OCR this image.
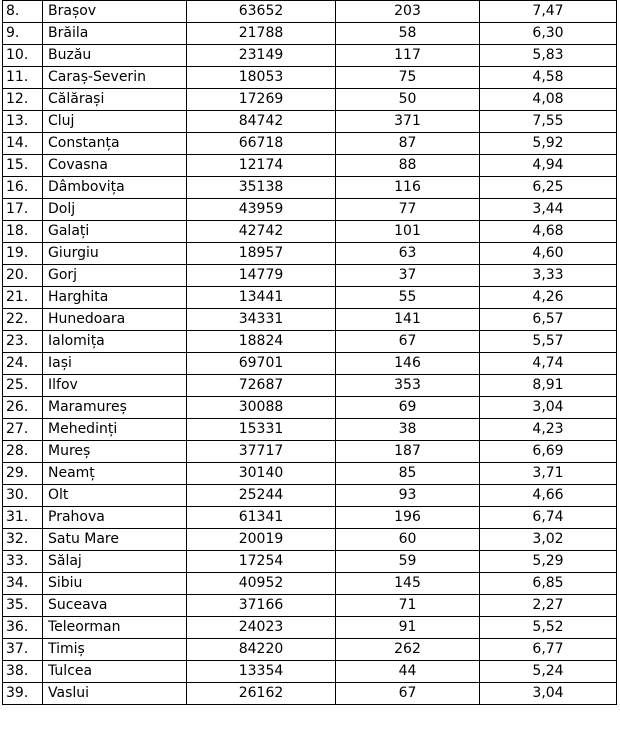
8.	Brașov	63652	203	7,47
9.	Brăila	21788	58	6,30
10.	Buzău	23149	117	5,83
11.	Caraș-Severin	18053	75	4,58
12.	Călărași	17269	50	4,08
13.	Cluj	84742	371	7,55
14.	Constanța	66718	87	5,92
15.	Covasna	12174	88	4,94
16.	Dâmbovița	35138	116	6,25
17.	Dolj	43959	77	3,44
18.	Galați	42742	101	4,68
19.	Giurgiu	18957	63	4,60
20.	Gorj	14779	37	3,33
21.	Harghita	13441	55	4,26
22.	Hunedoara	34331	141	6,57
23.	Ialomița	18824	67	5,57
24.	Iași	69701	146	4,74
25.	Ilfov	72687	353	8,91
26.	Maramureș	30088	69	3,04
27.	Mehedinți	15331	38	4,23
28.	Mureș	37717	187	6,69
29.	Neamț	30140	85	3,71
30.	Olt	25244	93	4,66
31.	Prahova	61341	196	6,74
32.	Satu Mare	20019	60	3,02
33.	Sălaj	17254	59	5,29
34.	Sibiu	40952	145	6,85
35.	Suceava	37166	71	2,27
36.	Teleorman	24023	91	5,52
37.	Timiș	84220	262	6,77
38.	Tulcea	13354	44	5,24
39.	Vaslui	26162	67	3,04
